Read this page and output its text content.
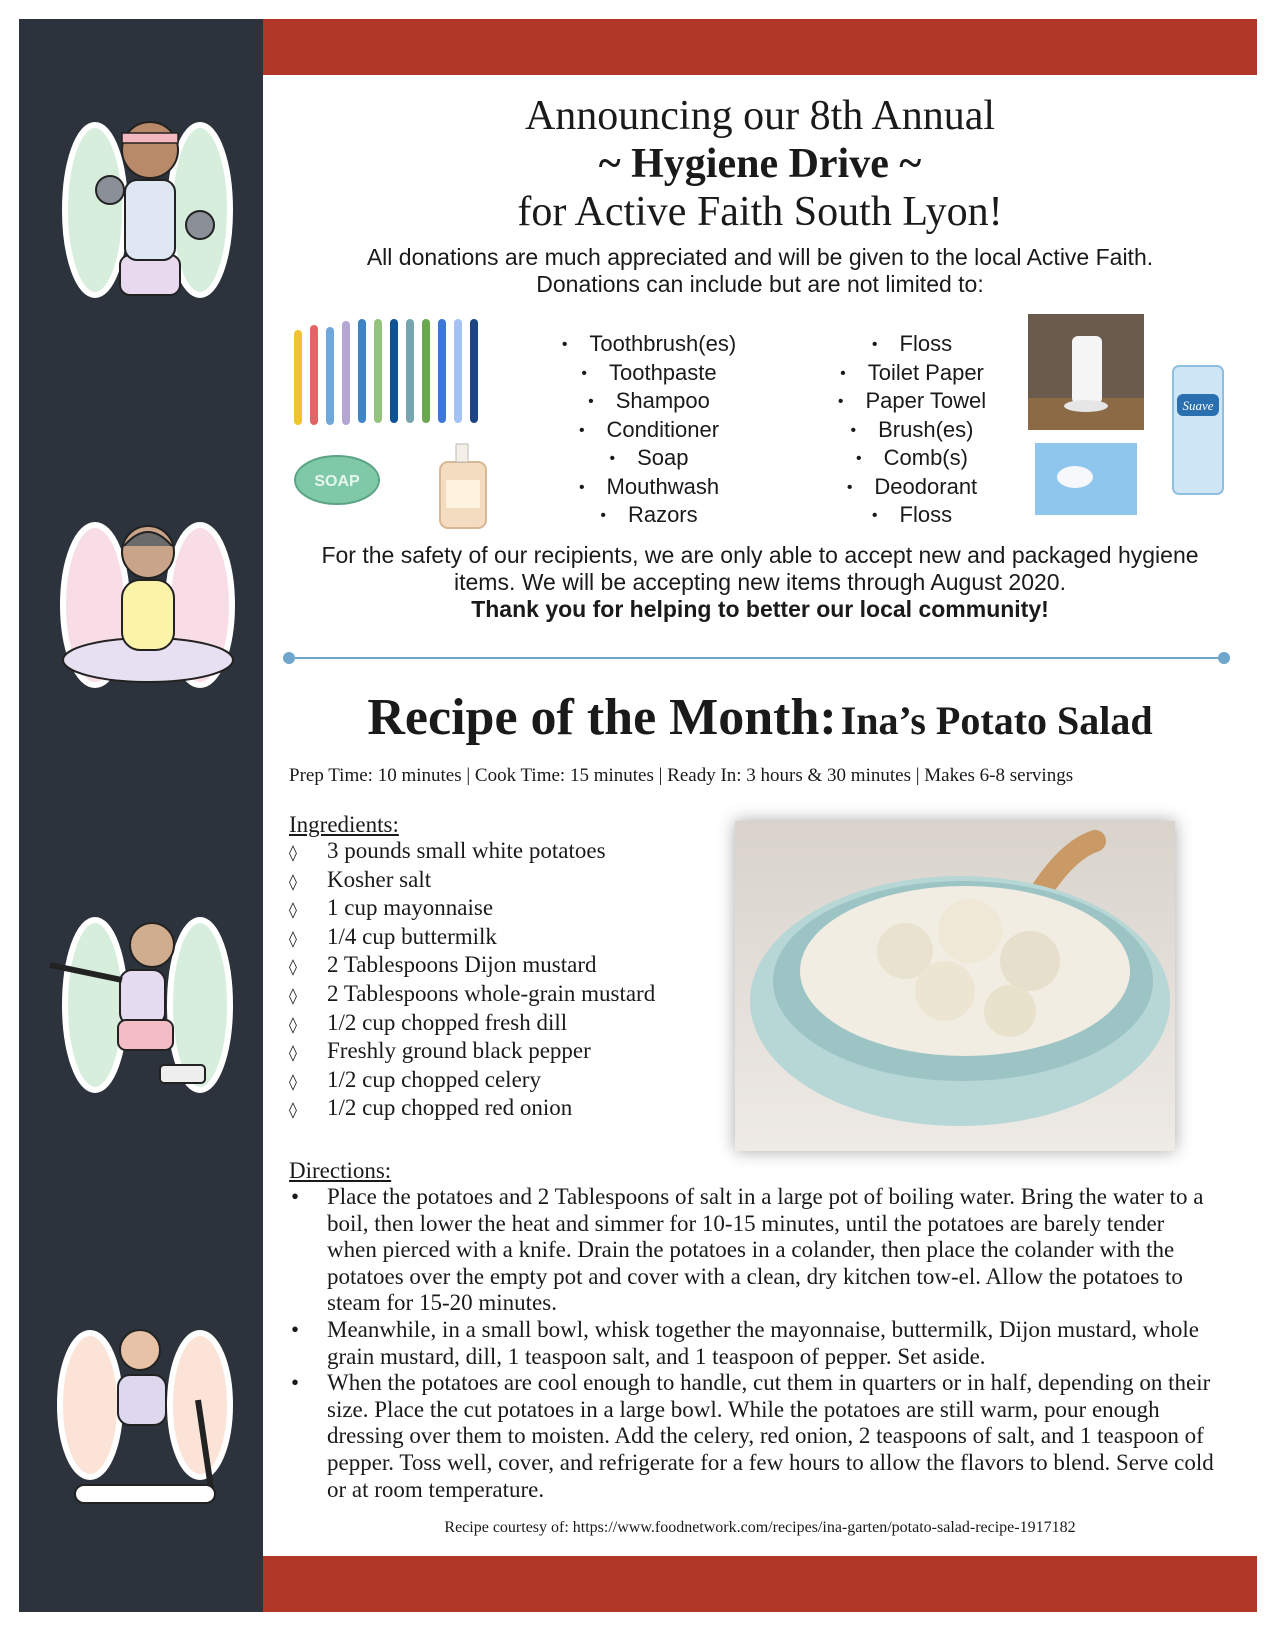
Announcing our 8th Annual
~ Hygiene Drive ~
for Active Faith South Lyon!
All donations are much appreciated and will be given to the local Active Faith.
Donations can include but are not limited to:
SOAP
Suave
• Toothbrush(es)
• Toothpaste
• Shampoo
• Conditioner
• Soap
• Mouthwash
• Razors
• Floss
• Toilet Paper
• Paper Towel
• Brush(es)
• Comb(s)
• Deodorant
• Floss
For the safety of our recipients, we are only able to accept new and packaged hygiene
items. We will be accepting new items through August 2020.
Thank you for helping to better our local community!
Recipe of the Month: Ina’s Potato Salad
Prep Time: 10 minutes | Cook Time: 15 minutes | Ready In: 3 hours & 30 minutes | Makes 6-8 servings
Ingredients:
◊ 3 pounds small white potatoes
◊ Kosher salt
◊ 1 cup mayonnaise
◊ 1/4 cup buttermilk
◊ 2 Tablespoons Dijon mustard
◊ 2 Tablespoons whole-grain mustard
◊ 1/2 cup chopped fresh dill
◊ Freshly ground black pepper
◊ 1/2 cup chopped celery
◊ 1/2 cup chopped red onion
Directions:
• Place the potatoes and 2 Tablespoons of salt in a large pot of boiling water. Bring the water to a boil, then lower the heat and simmer for 10-15 minutes, until the potatoes are barely tender when pierced with a knife. Drain the potatoes in a colander, then place the colander with the potatoes over the empty pot and cover with a clean, dry kitchen tow-el. Allow the potatoes to steam for 15-20 minutes.
• Meanwhile, in a small bowl, whisk together the mayonnaise, buttermilk, Dijon mustard, whole grain mustard, dill, 1 teaspoon salt, and 1 teaspoon of pepper. Set aside.
• When the potatoes are cool enough to handle, cut them in quarters or in half, depending on their size. Place the cut potatoes in a large bowl. While the potatoes are still warm, pour enough dressing over them to moisten. Add the celery, red onion, 2 teaspoons of salt, and 1 teaspoon of pepper. Toss well, cover, and refrigerate for a few hours to allow the flavors to blend. Serve cold or at room temperature.
Recipe courtesy of: https://www.foodnetwork.com/recipes/ina-garten/potato-salad-recipe-1917182
